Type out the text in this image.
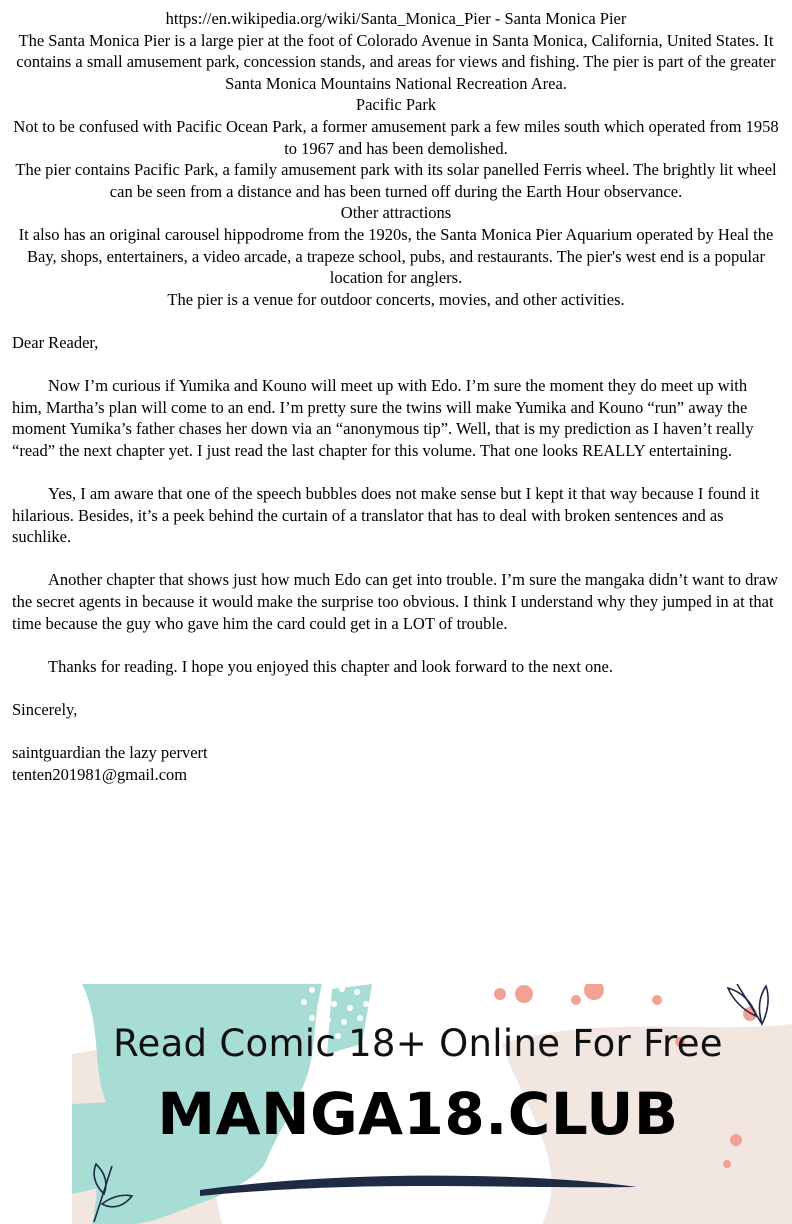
https://en.wikipedia.org/wiki/Santa_Monica_Pier - Santa Monica Pier

The Santa Monica Pier is a large pier at the foot of Colorado Avenue in Santa Monica, California, United States. It contains a small amusement park, concession stands, and areas for views and fishing. The pier is part of the greater Santa Monica Mountains National Recreation Area.

Pacific Park

Not to be confused with Pacific Ocean Park, a former amusement park a few miles south which operated from 1958 to 1967 and has been demolished.

The pier contains Pacific Park, a family amusement park with its solar panelled Ferris wheel. The brightly lit wheel can be seen from a distance and has been turned off during the Earth Hour observance.

Other attractions

It also has an original carousel hippodrome from the 1920s, the Santa Monica Pier Aquarium operated by Heal the Bay, shops, entertainers, a video arcade, a trapeze school, pubs, and restaurants. The pier's west end is a popular location for anglers.

The pier is a venue for outdoor concerts, movies, and other activities.

Dear Reader,

Now I’m curious if Yumika and Kouno will meet up with Edo. I’m sure the moment they do meet up with him, Martha’s plan will come to an end. I’m pretty sure the twins will make Yumika and Kouno “run” away the moment Yumika’s father chases her down via an “anonymous tip”. Well, that is my prediction as I haven’t really “read” the next chapter yet. I just read the last chapter for this volume. That one looks REALLY entertaining.

Yes, I am aware that one of the speech bubbles does not make sense but I kept it that way because I found it hilarious. Besides, it’s a peek behind the curtain of a translator that has to deal with broken sentences and as suchlike.

Another chapter that shows just how much Edo can get into trouble. I’m sure the mangaka didn’t want to draw the secret agents in because it would make the surprise too obvious. I think I understand why they jumped in at that time because the guy who gave him the card could get in a LOT of trouble.

Thanks for reading. I hope you enjoyed this chapter and look forward to the next one.

Sincerely,

saintguardian the lazy pervert

tenten201981@gmail.com

Read Comic 18+ Online For Free
MANGA18.CLUB
